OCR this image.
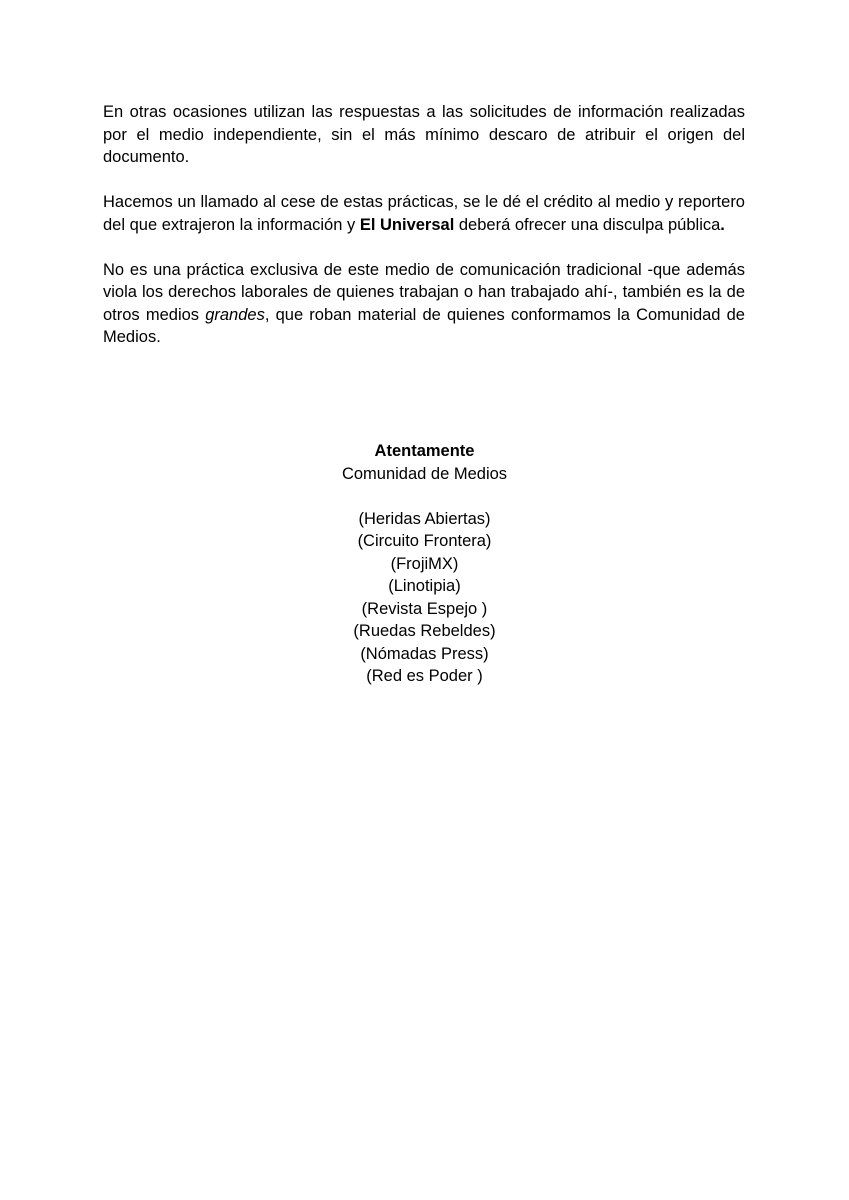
En otras ocasiones utilizan las respuestas a las solicitudes de información realizadas por el medio independiente, sin el más mínimo descaro de atribuir el origen del documento.

Hacemos un llamado al cese de estas prácticas, se le dé el crédito al medio y reportero del que extrajeron la información y El Universal deberá ofrecer una disculpa pública.

No es una práctica exclusiva de este medio de comunicación tradicional -que además viola los derechos laborales de quienes trabajan o han trabajado ahí-, también es la de otros medios grandes, que roban material de quienes conformamos la Comunidad de Medios.

Atentamente
Comunidad de Medios
(Heridas Abiertas)
(Circuito Frontera)
(FrojiMX)
(Linotipia)
(Revista Espejo )
(Ruedas Rebeldes)
(Nómadas Press)
(Red es Poder )
